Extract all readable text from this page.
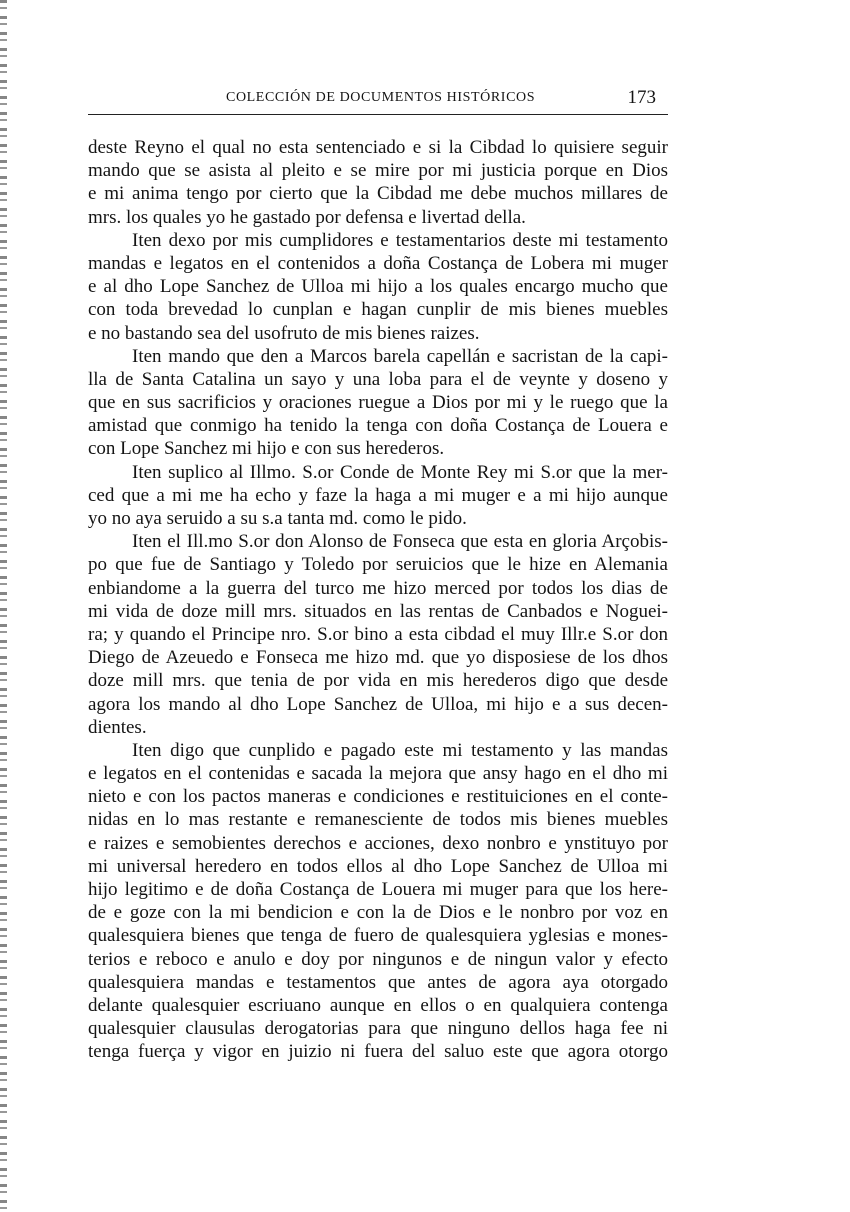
COLECCIÓN DE DOCUMENTOS HISTÓRICOS	173
deste Reyno el qual no esta sentenciado e si la Cibdad lo quisiere seguir
mando que se asista al pleito e se mire por mi justicia porque en Dios
e mi anima tengo por cierto que la Cibdad me debe muchos millares de
mrs. los quales yo he gastado por defensa e livertad della.
Iten dexo por mis cumplidores e testamentarios deste mi testamento
mandas e legatos en el contenidos a doña Costança de Lobera mi muger
e al dho Lope Sanchez de Ulloa mi hijo a los quales encargo mucho que
con toda brevedad lo cunplan e hagan cunplir de mis bienes muebles
e no bastando sea del usofruto de mis bienes raizes.
Iten mando que den a Marcos barela capellán e sacristan de la capi-
lla de Santa Catalina un sayo y una loba para el de veynte y doseno y
que en sus sacrificios y oraciones ruegue a Dios por mi y le ruego que la
amistad que conmigo ha tenido la tenga con doña Costança de Louera e
con Lope Sanchez mi hijo e con sus herederos.
Iten suplico al Illmo. S.or Conde de Monte Rey mi S.or que la mer-
ced que a mi me ha echo y faze la haga a mi muger e a mi hijo aunque
yo no aya seruido a su s.a tanta md. como le pido.
Iten el Ill.mo S.or don Alonso de Fonseca que esta en gloria Arçobis-
po que fue de Santiago y Toledo por seruicios que le hize en Alemania
enbiandome a la guerra del turco me hizo merced por todos los dias de
mi vida de doze mill mrs. situados en las rentas de Canbados e Noguei-
ra; y quando el Principe nro. S.or bino a esta cibdad el muy Illr.e S.or don
Diego de Azeuedo e Fonseca me hizo md. que yo disposiese de los dhos
doze mill mrs. que tenia de por vida en mis herederos digo que desde
agora los mando al dho Lope Sanchez de Ulloa, mi hijo e a sus decen-
dientes.
Iten digo que cunplido e pagado este mi testamento y las mandas
e legatos en el contenidas e sacada la mejora que ansy hago en el dho mi
nieto e con los pactos maneras e condiciones e restituiciones en el conte-
nidas en lo mas restante e remanesciente de todos mis bienes muebles
e raizes e semobientes derechos e acciones, dexo nonbro e ynstituyo por
mi universal heredero en todos ellos al dho Lope Sanchez de Ulloa mi
hijo legitimo e de doña Costança de Louera mi muger para que los here-
de e goze con la mi bendicion e con la de Dios e le nonbro por voz en
qualesquiera bienes que tenga de fuero de qualesquiera yglesias e mones-
terios e reboco e anulo e doy por ningunos e de ningun valor y efecto
qualesquiera mandas e testamentos que antes de agora aya otorgado
delante qualesquier escriuano aunque en ellos o en qualquiera contenga
qualesquier clausulas derogatorias para que ninguno dellos haga fee ni
tenga fuerça y vigor en juizio ni fuera del saluo este que agora otorgo
